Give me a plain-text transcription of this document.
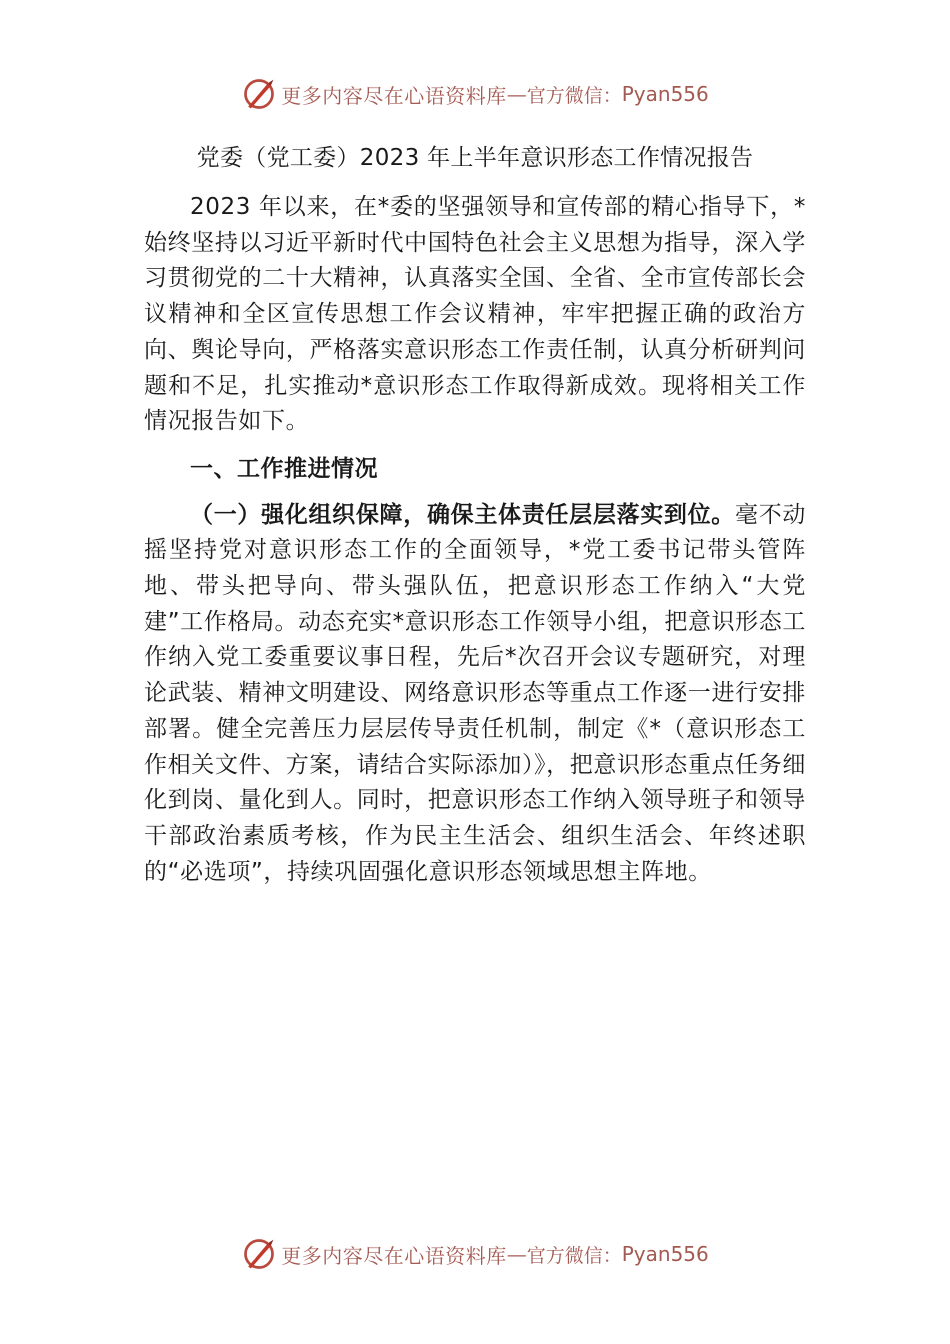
更多内容尽在心语资料库 — 官方微信： Pyan556
党委（党工委）2023 年上半年意识形态工作情况报告

2023 年以来，在*委的坚强领导和宣传部的精心指导下，*始终坚持以习近平新时代中国特色社会主义思想为指导，深入学习贯彻党的二十大精神，认真落实全国、全省、全市宣传部长会议精神和全区宣传思想工作会议精神，牢牢把握正确的政治方向、舆论导向，严格落实意识形态工作责任制，认真分析研判问题和不足，扎实推动*意识形态工作取得新成效。现将相关工作情况报告如下。

一、工作推进情况

（一）强化组织保障，确保主体责任层层落实到位。毫不动摇坚持党对意识形态工作的全面领导，*党工委书记带头管阵地、带头把导向、带头强队伍，把意识形态工作纳入“大党建”工作格局。动态充实*意识形态工作领导小组，把意识形态工作纳入党工委重要议事日程，先后*次召开会议专题研究，对理论武装、精神文明建设、网络意识形态等重点工作逐一进行安排部署。健全完善压力层层传导责任机制，制定《*（意识形态工作相关文件、方案，请结合实际添加）》，把意识形态重点任务细化到岗、量化到人。同时，把意识形态工作纳入领导班子和领导干部政治素质考核，作为民主生活会、组织生活会、年终述职的“必选项”，持续巩固强化意识形态领域思想主阵地。

更多内容尽在心语资料库 — 官方微信： Pyan556
